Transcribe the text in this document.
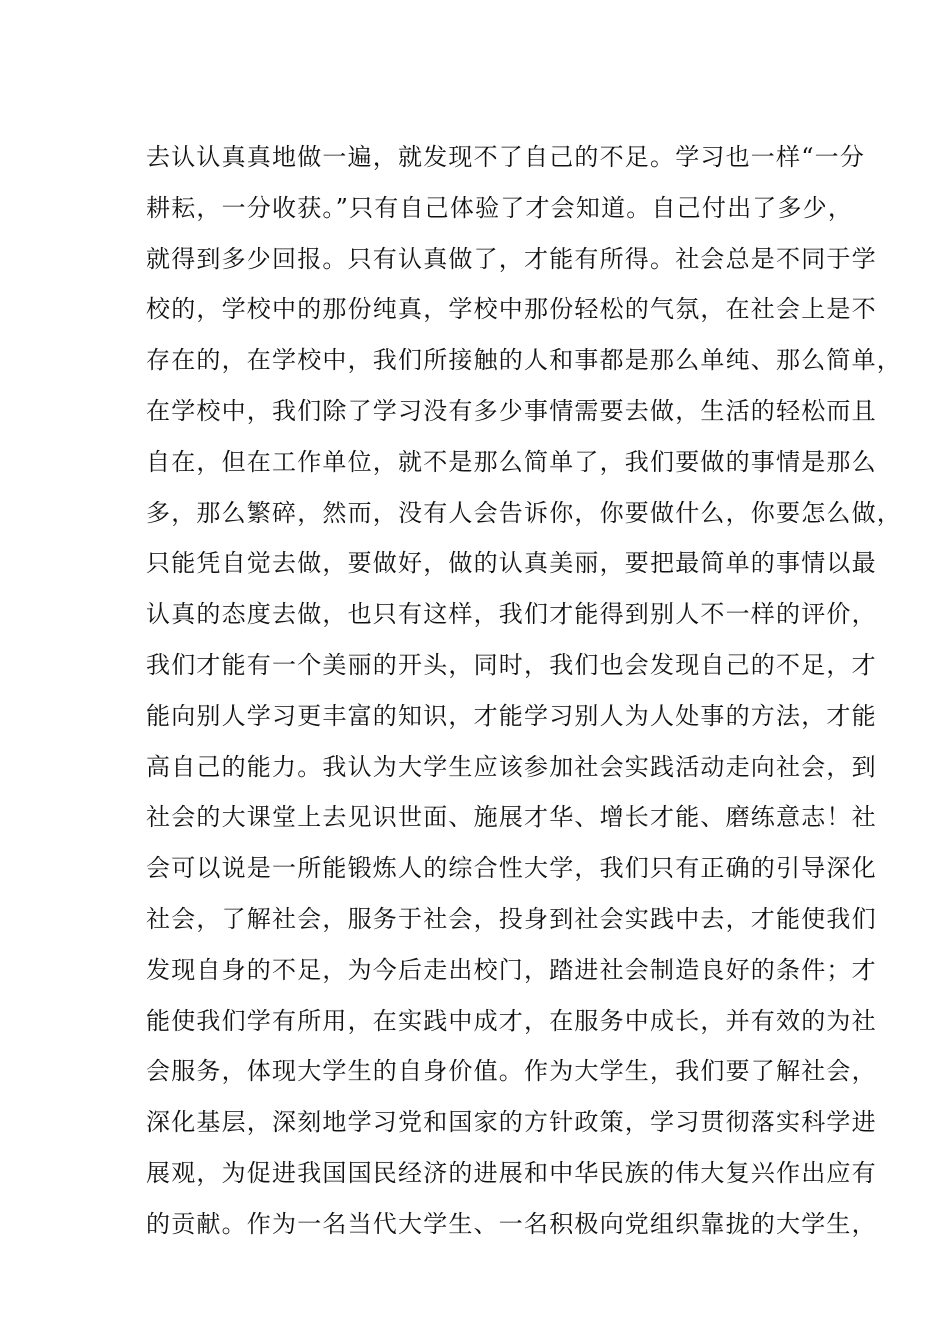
去认认真真地做一遍，就发现不了自己的不足。学习也一样“一分
耕耘，一分收获。”只有自己体验了才会知道。自己付出了多少，
就得到多少回报。只有认真做了，才能有所得。社会总是不同于学
校的，学校中的那份纯真，学校中那份轻松的气氛，在社会上是不
存在的，在学校中，我们所接触的人和事都是那么单纯、那么简单，
在学校中，我们除了学习没有多少事情需要去做，生活的轻松而且
自在，但在工作单位，就不是那么简单了，我们要做的事情是那么
多，那么繁碎，然而，没有人会告诉你，你要做什么，你要怎么做，
只能凭自觉去做，要做好，做的认真美丽，要把最简单的事情以最
认真的态度去做，也只有这样，我们才能得到别人不一样的评价，
我们才能有一个美丽的开头，同时，我们也会发现自己的不足，才
能向别人学习更丰富的知识，才能学习别人为人处事的方法，才能
高自己的能力。我认为大学生应该参加社会实践活动走向社会，到
社会的大课堂上去见识世面、施展才华、增长才能、磨练意志！社
会可以说是一所能锻炼人的综合性大学，我们只有正确的引导深化
社会，了解社会，服务于社会，投身到社会实践中去，才能使我们
发现自身的不足，为今后走出校门，踏进社会制造良好的条件；才
能使我们学有所用，在实践中成才，在服务中成长，并有效的为社
会服务，体现大学生的自身价值。作为大学生，我们要了解社会，
深化基层，深刻地学习党和国家的方针政策，学习贯彻落实科学进
展观，为促进我国国民经济的进展和中华民族的伟大复兴作出应有
的贡献。作为一名当代大学生、一名积极向党组织靠拢的大学生，
